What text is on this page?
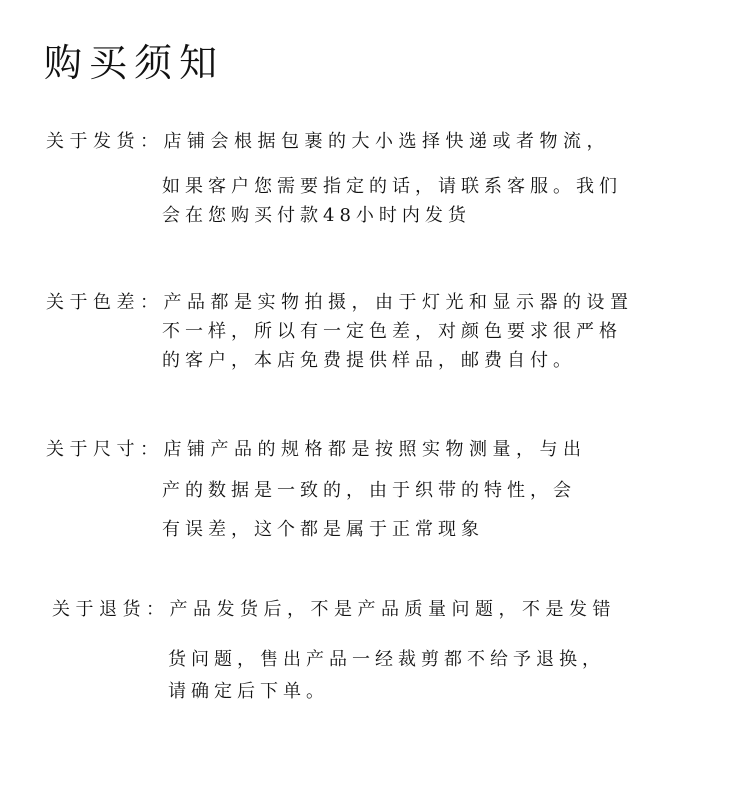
购买须知
关于发货：店铺会根据包裹的大小选择快递或者物流，
如果客户您需要指定的话，请联系客服。我们
会在您购买付款48小时内发货
关于色差：产品都是实物拍摄，由于灯光和显示器的设置
不一样，所以有一定色差，对颜色要求很严格
的客户，本店免费提供样品，邮费自付。
关于尺寸：店铺产品的规格都是按照实物测量，与出
产的数据是一致的，由于织带的特性，会
有误差，这个都是属于正常现象
关于退货：产品发货后，不是产品质量问题，不是发错
货问题，售出产品一经裁剪都不给予退换，
请确定后下单。
